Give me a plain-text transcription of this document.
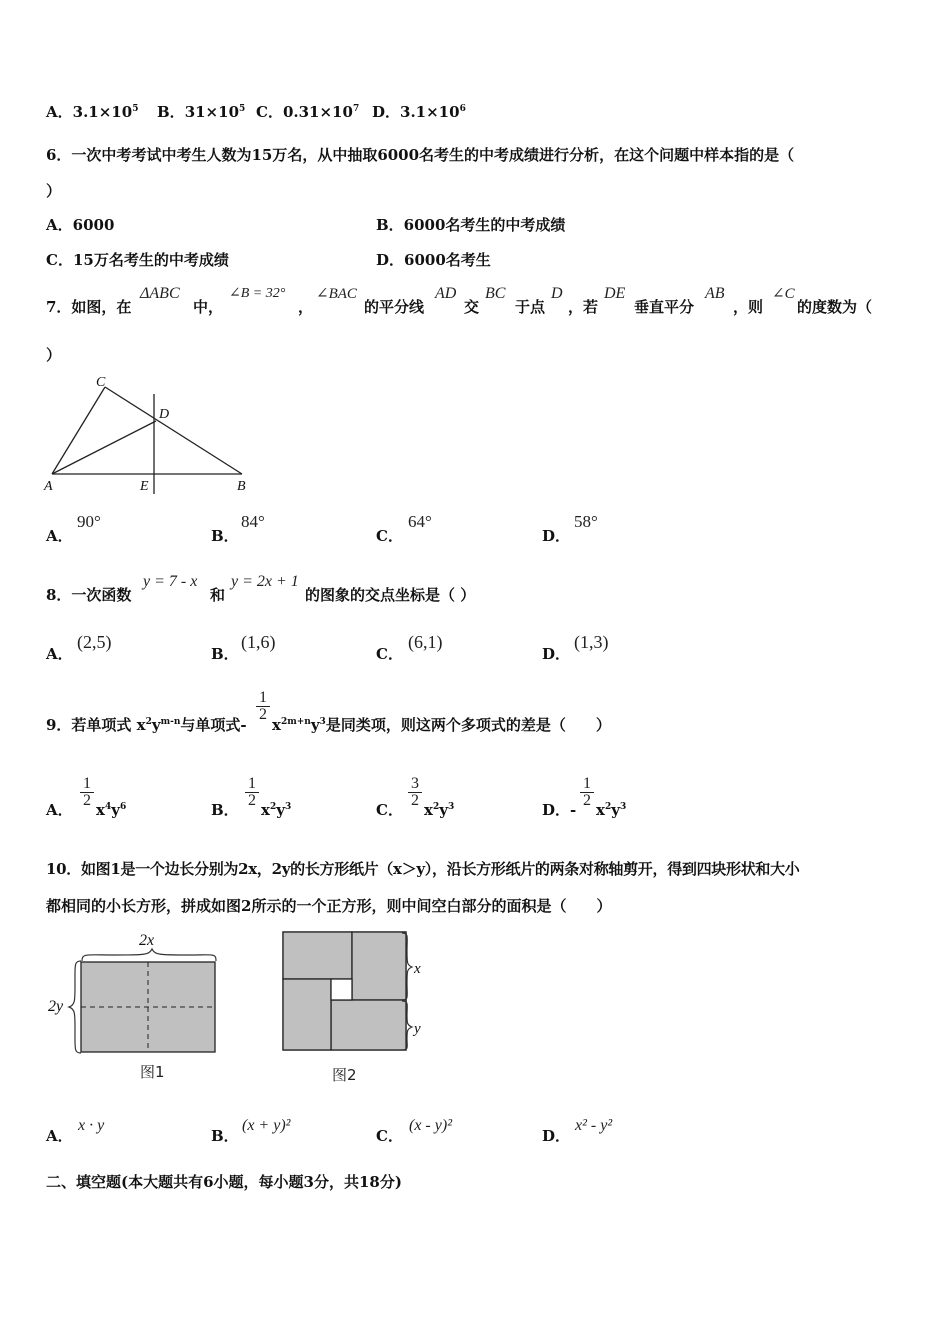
A．$3.1\times 10^5$ B．$31\times 10^5$ C．$0.31\times 10^7$ D．$3.1\times 10^6$
6．一次中考考试中考生人数为15万名，从中抽取6000名考生的中考成绩进行分析，在这个问题中样本指的是（
）
A．6000	B．6000名考生的中考成绩
C．15万名考生的中考成绩	D．6000名考生
7．如图，在
ΔABC
中，
∠B = 32°
，
∠BAC
的平分线
AD
交
BC
于点
D
，若
DE
垂直平分
AB
，则
∠C
的度数为（
）
C
D
A	E	B
A．
90°
B．
84°
C．
64°
D．
58°
8．一次函数
y = 7 - x
和
y = 2x + 1
的图象的交点坐标是（ ）
A．
(2,5)
B．
(1,6)
C．
(6,1)
D．
(1,3)
9．若单项式 $x^2y^{m-n}$与单项式-
$\frac{1}{2}$
$x^{2m+n}y^3$是同类项，则这两个多项式的差是（　　）
A．
$\frac{1}{2}$
$x^4y^6$	B．
$\frac{1}{2}$
$x^2y^3$	C．
$\frac{3}{2}$
$x^2y^3$	D． -
$\frac{1}{2}$
$x^2y^3$
10．如图1是一个边长分别为2x，2y的长方形纸片（x＞y），沿长方形纸片的两条对称轴剪开，得到四块形状和大小
都相同的小长方形，拼成如图2所示的一个正方形，则中间空白部分的面积是（　　）
2x
2y
图1
x
y
图2
A．
x · y
B．
(x + y)²
C．
(x - y)²
D．
x² - y²
二、填空题(本大题共有6小题，每小题3分，共18分)
